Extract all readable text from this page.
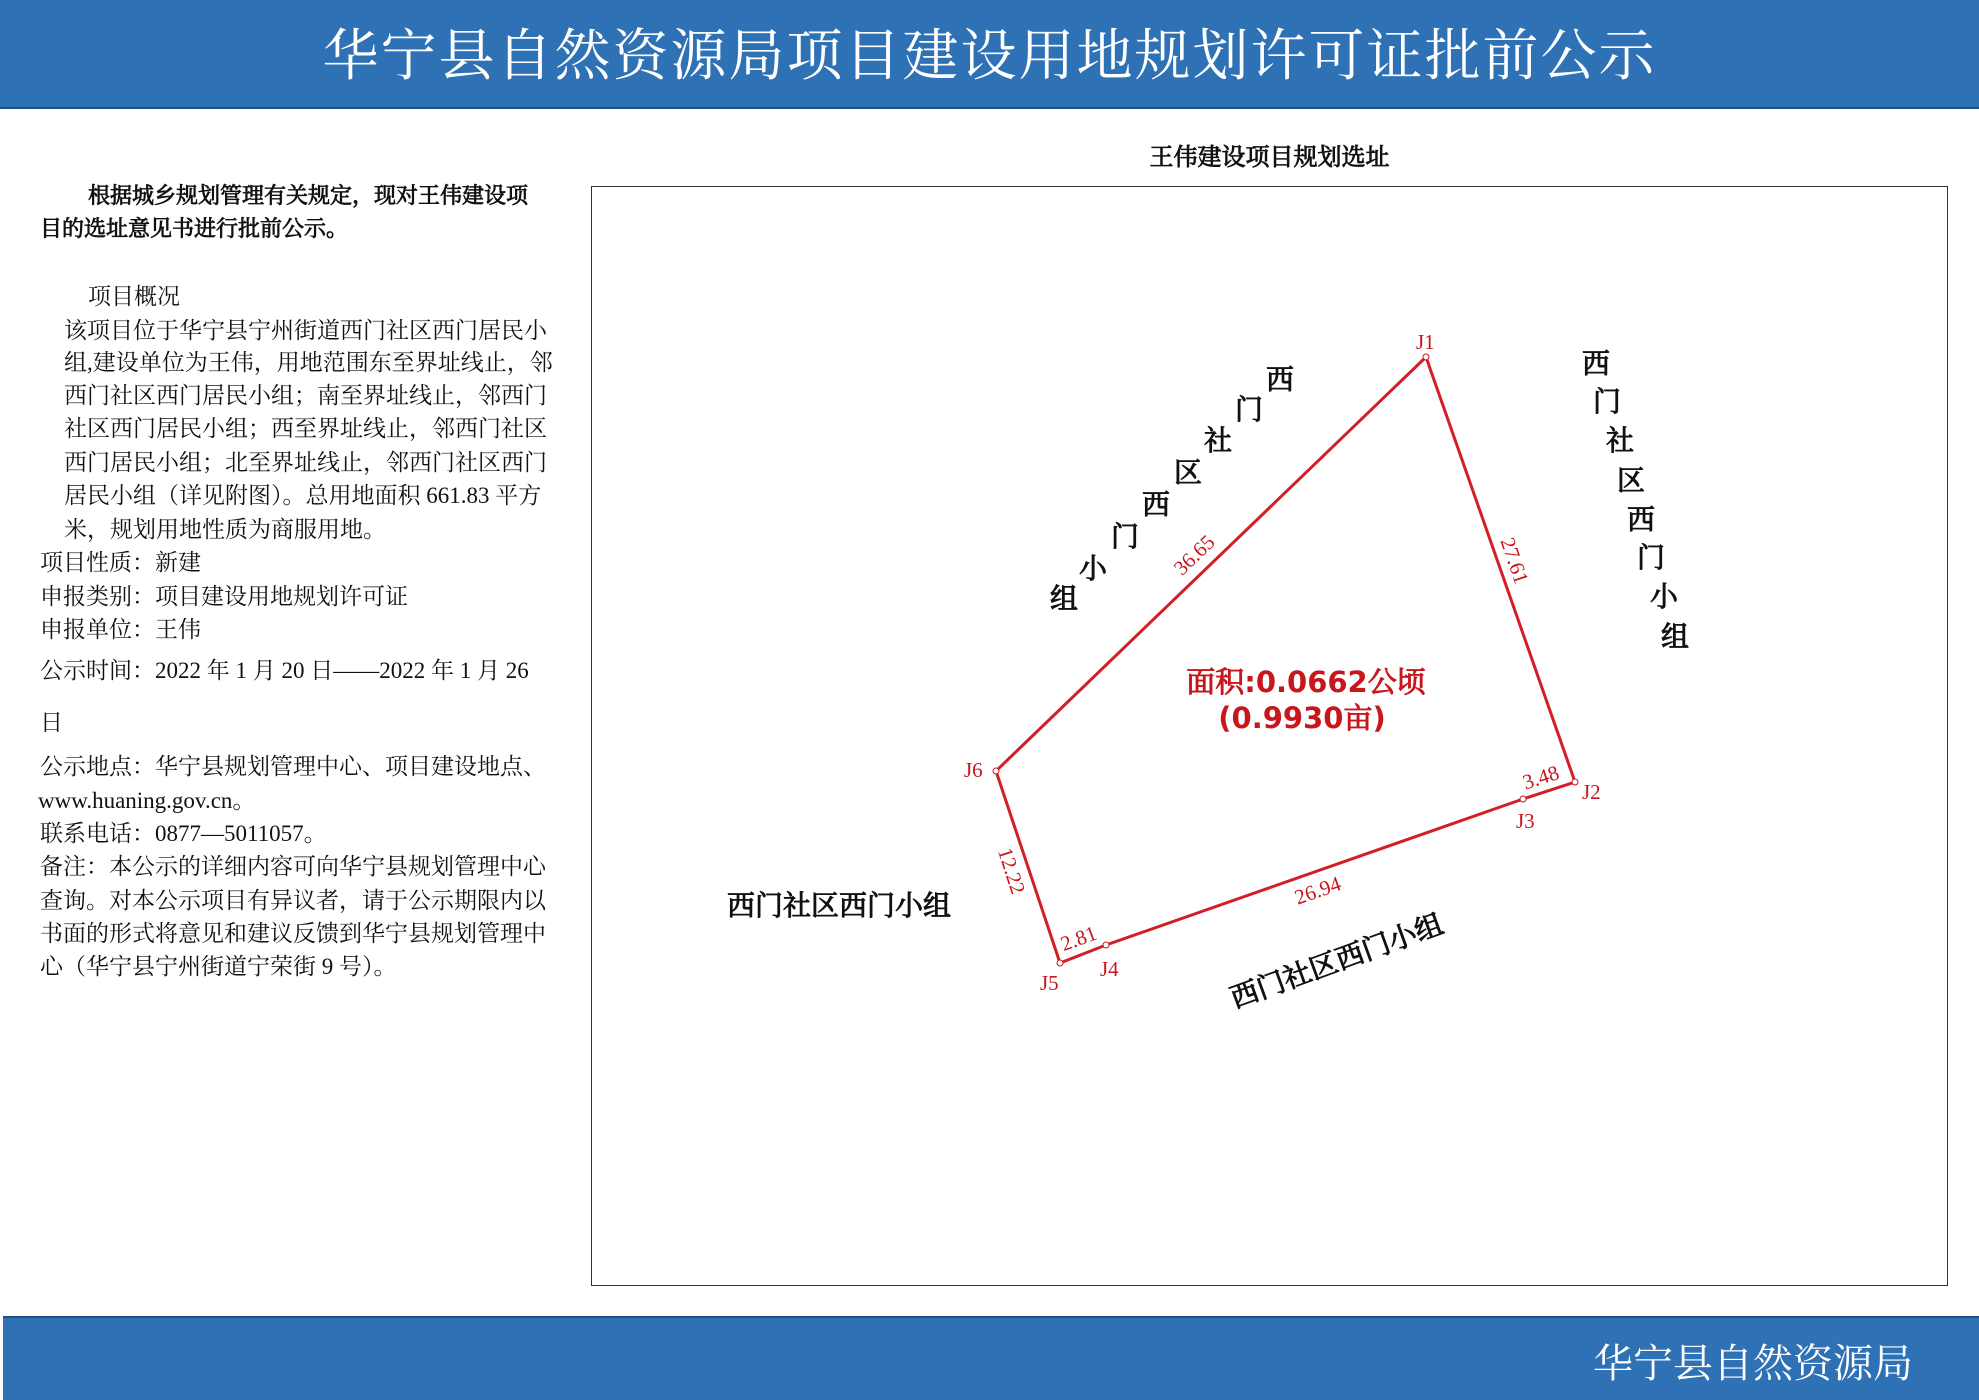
华宁县自然资源局项目建设用地规划许可证批前公示
根据城乡规划管理有关规定，现对王伟建设项
目的选址意见书进行批前公示。
项目概况
该项目位于华宁县宁州街道西门社区西门居民小
组,建设单位为王伟，用地范围东至界址线止，邻
西门社区西门居民小组；南至界址线止，邻西门
社区西门居民小组；西至界址线止，邻西门社区
西门居民小组；北至界址线止，邻西门社区西门
居民小组（详见附图）。总用地面积 661.83 平方
米，规划用地性质为商服用地。
项目性质：新建
申报类别：项目建设用地规划许可证
申报单位：王伟
公示时间：2022 年 1 月 20 日——2022 年 1 月 26
日
公示地点：华宁县规划管理中心、项目建设地点、
www.huaning.gov.cn。
联系电话：0877—5011057。
备注：本公示的详细内容可向华宁县规划管理中心
查询。对本公示项目有异议者，请于公示期限内以
书面的形式将意见和建议反馈到华宁县规划管理中
心（华宁县宁州街道宁荣街 9 号）。
王伟建设项目规划选址
J1
J2
J3
J4
J5
J6
36.65	27.61
3.48
26.94
2.81
12.22
面积:0.0662公顷
(0.9930亩)
西门社区西门小组
西门社区西门小组
西
门
社
区
西
门
小
组
西
门
社
区
西
门
小
组
华宁县自然资源局
